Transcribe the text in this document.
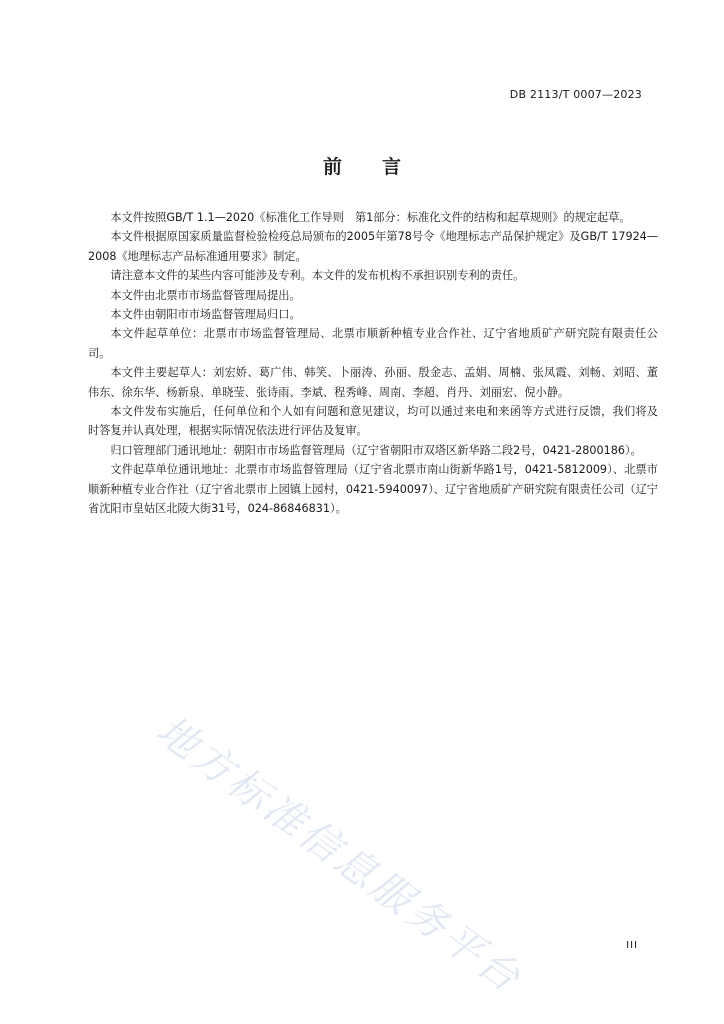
DB 2113/T 0007—2023
前言

本文件按照GB/T 1.1—2020《标准化工作导则　第1部分：标准化文件的结构和起草规则》的规定起草。

本文件根据原国家质量监督检验检疫总局颁布的2005年第78号令《地理标志产品保护规定》及GB/T 17924—2008《地理标志产品标准通用要求》制定。

请注意本文件的某些内容可能涉及专利。本文件的发布机构不承担识别专利的责任。

本文件由北票市市场监督管理局提出。

本文件由朝阳市市场监督管理局归口。

本文件起草单位：北票市市场监督管理局、北票市顺新种植专业合作社、辽宁省地质矿产研究院有限责任公司。

本文件主要起草人：刘宏娇、葛广伟、韩笑、卜丽涛、孙丽、殷金志、孟娟、周楠、张凤霞、刘畅、刘昭、董伟东、徐东华、杨新泉、单晓莹、张诗雨、李斌、程秀峰、周南、李超、肖丹、刘丽宏、倪小静。

本文件发布实施后，任何单位和个人如有问题和意见建议，均可以通过来电和来函等方式进行反馈，我们将及时答复并认真处理，根据实际情况依法进行评估及复审。

归口管理部门通讯地址：朝阳市市场监督管理局（辽宁省朝阳市双塔区新华路二段2号，0421-2800186）。

文件起草单位通讯地址：北票市市场监督管理局（辽宁省北票市南山街新华路1号，0421-5812009）、北票市顺新种植专业合作社（辽宁省北票市上园镇上园村，0421-5940097）、辽宁省地质矿产研究院有限责任公司（辽宁省沈阳市皇姑区北陵大街31号，024-86846831）。

地方标准信息服务平台	III
